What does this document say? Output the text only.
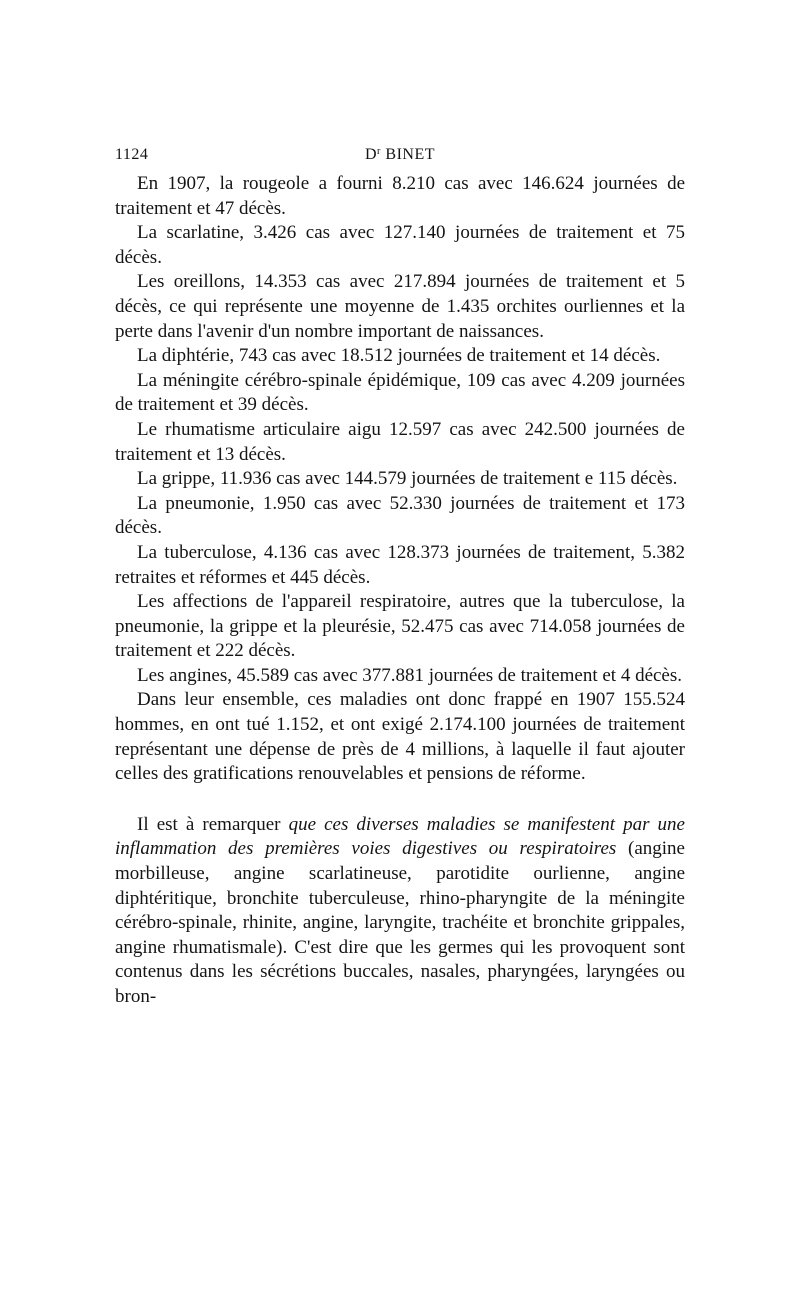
1124	$D^r$ BINET

En 1907, la rougeole a fourni 8.210 cas avec 146.624 journées de traitement et 47 décès.

La scarlatine, 3.426 cas avec 127.140 journées de traitement et 75 décès.

Les oreillons, 14.353 cas avec 217.894 journées de traitement et 5 décès, ce qui représente une moyenne de 1.435 orchites ourliennes et la perte dans l'avenir d'un nombre important de naissances.

La diphtérie, 743 cas avec 18.512 journées de traitement et 14 décès.

La méningite cérébro-spinale épidémique, 109 cas avec 4.209 journées de traitement et 39 décès.

Le rhumatisme articulaire aigu 12.597 cas avec 242.500 journées de traitement et 13 décès.

La grippe, 11.936 cas avec 144.579 journées de traitement e 115 décès.

La pneumonie, 1.950 cas avec 52.330 journées de traitement et 173 décès.

La tuberculose, 4.136 cas avec 128.373 journées de traitement, 5.382 retraites et réformes et 445 décès.

Les affections de l'appareil respiratoire, autres que la tuberculose, la pneumonie, la grippe et la pleurésie, 52.475 cas avec 714.058 journées de traitement et 222 décès.

Les angines, 45.589 cas avec 377.881 journées de traitement et 4 décès.

Dans leur ensemble, ces maladies ont donc frappé en 1907 155.524 hommes, en ont tué 1.152, et ont exigé 2.174.100 journées de traitement représentant une dépense de près de 4 millions, à laquelle il faut ajouter celles des gratifications renouvelables et pensions de réforme.

Il est à remarquer que ces diverses maladies se manifestent par une inflammation des premières voies digestives ou respiratoires (angine morbilleuse, angine scarlatineuse, parotidite ourlienne, angine diphtéritique, bronchite tuberculeuse, rhino-pharyngite de la méningite cérébro-spinale, rhinite, angine, laryngite, trachéite et bronchite grippales, angine rhumatismale). C'est dire que les germes qui les provoquent sont contenus dans les sécrétions buccales, nasales, pharyngées, laryngées ou bron-
